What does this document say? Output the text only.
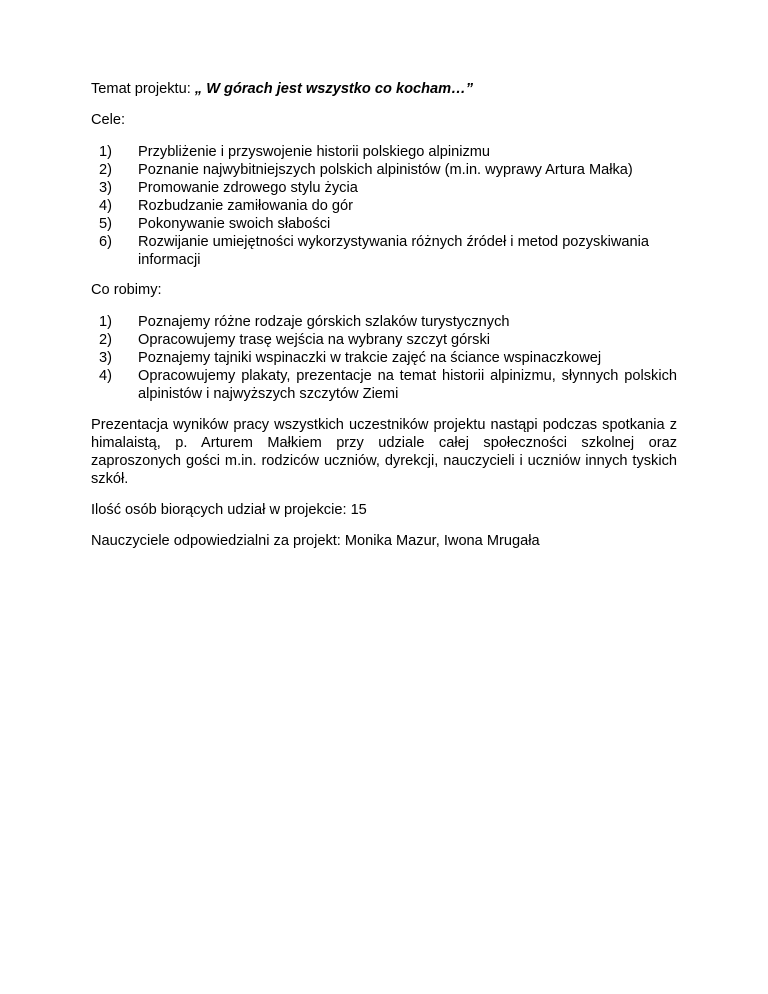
Temat projektu: „ W górach jest wszystko co kocham…”

Cele:

1) Przybliżenie i przyswojenie historii polskiego alpinizmu
2) Poznanie najwybitniejszych polskich alpinistów (m.in. wyprawy Artura Małka)
3) Promowanie zdrowego stylu życia
4) Rozbudzanie zamiłowania do gór
5) Pokonywanie swoich słabości
6) Rozwijanie umiejętności wykorzystywania różnych źródeł i metod pozyskiwania informacji

Co robimy:

1) Poznajemy różne rodzaje górskich szlaków turystycznych
2) Opracowujemy trasę wejścia na wybrany szczyt górski
3) Poznajemy tajniki wspinaczki w trakcie zajęć na ściance wspinaczkowej
4) Opracowujemy plakaty, prezentacje na temat historii alpinizmu, słynnych polskich alpinistów i najwyższych szczytów Ziemi

Prezentacja wyników pracy wszystkich uczestników projektu nastąpi podczas spotkania z himalaistą, p. Arturem Małkiem przy udziale całej społeczności szkolnej oraz zaproszonych gości m.in. rodziców uczniów, dyrekcji, nauczycieli i uczniów innych tyskich szkół.

Ilość osób biorących udział w projekcie: 15

Nauczyciele odpowiedzialni za projekt: Monika Mazur, Iwona Mrugała
